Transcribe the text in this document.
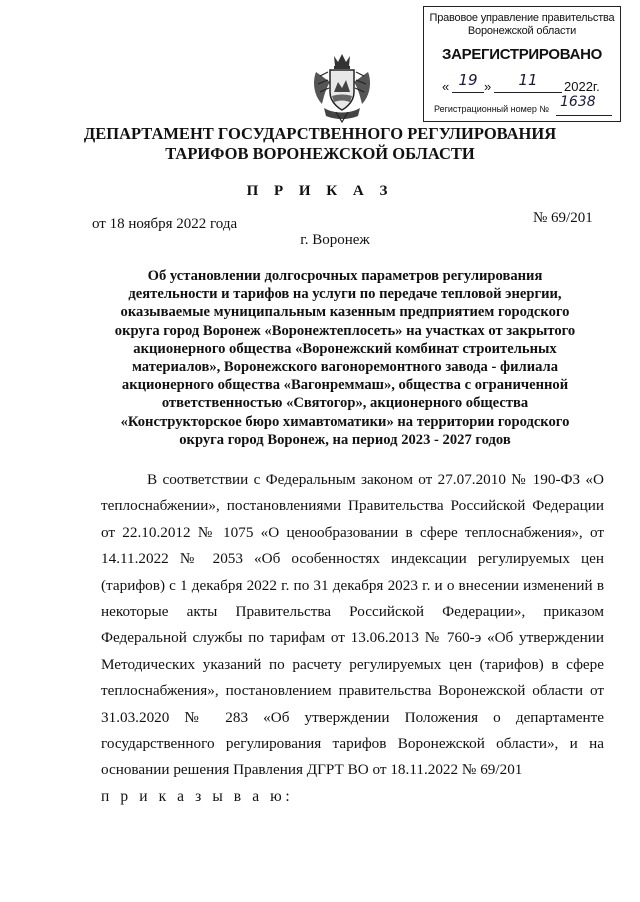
Правовое управление правительства
Воронежской области
ЗАРЕГИСТРИРОВАНО
« 19 »	11	2022г.
Регистрационный номер № 1638
ДЕПАРТАМЕНТ ГОСУДАРСТВЕННОГО РЕГУЛИРОВАНИЯ
ТАРИФОВ ВОРОНЕЖСКОЙ ОБЛАСТИ
П Р И К А З
от 18 ноября 2022 года	№ 69/201
г. Воронеж
Об установлении долгосрочных параметров регулирования
деятельности и тарифов на услуги по передаче тепловой энергии,
оказываемые муниципальным казенным предприятием городского
округа город Воронеж «Воронежтеплосеть» на участках от закрытого
акционерного общества «Воронежский комбинат строительных
материалов», Воронежского вагоноремонтного завода - филиала
акционерного общества «Вагонреммаш», общества с ограниченной
ответственностью «Святогор», акционерного общества
«Конструкторское бюро химавтоматики» на территории городского
округа город Воронеж, на период 2023 - 2027 годов

В соответствии с Федеральным законом от 27.07.2010 № 190-ФЗ «О теплоснабжении», постановлениями Правительства Российской Федерации от 22.10.2012 № 1075 «О ценообразовании в сфере теплоснабжения», от 14.11.2022 № 2053 «Об особенностях индексации регулируемых цен (тарифов) с 1 декабря 2022 г. по 31 декабря 2023 г. и о внесении изменений в некоторые акты Правительства Российской Федерации», приказом Федеральной службы по тарифам от 13.06.2013 № 760-э «Об утверждении Методических указаний по расчету регулируемых цен (тарифов) в сфере теплоснабжения», постановлением правительства Воронежской области от 31.03.2020 № 283 «Об утверждении Положения о департаменте государственного регулирования тарифов Воронежской области», и на основании решения Правления ДГРТ ВО от 18.11.2022 № 69/201

п р и к а з ы в а ю:
